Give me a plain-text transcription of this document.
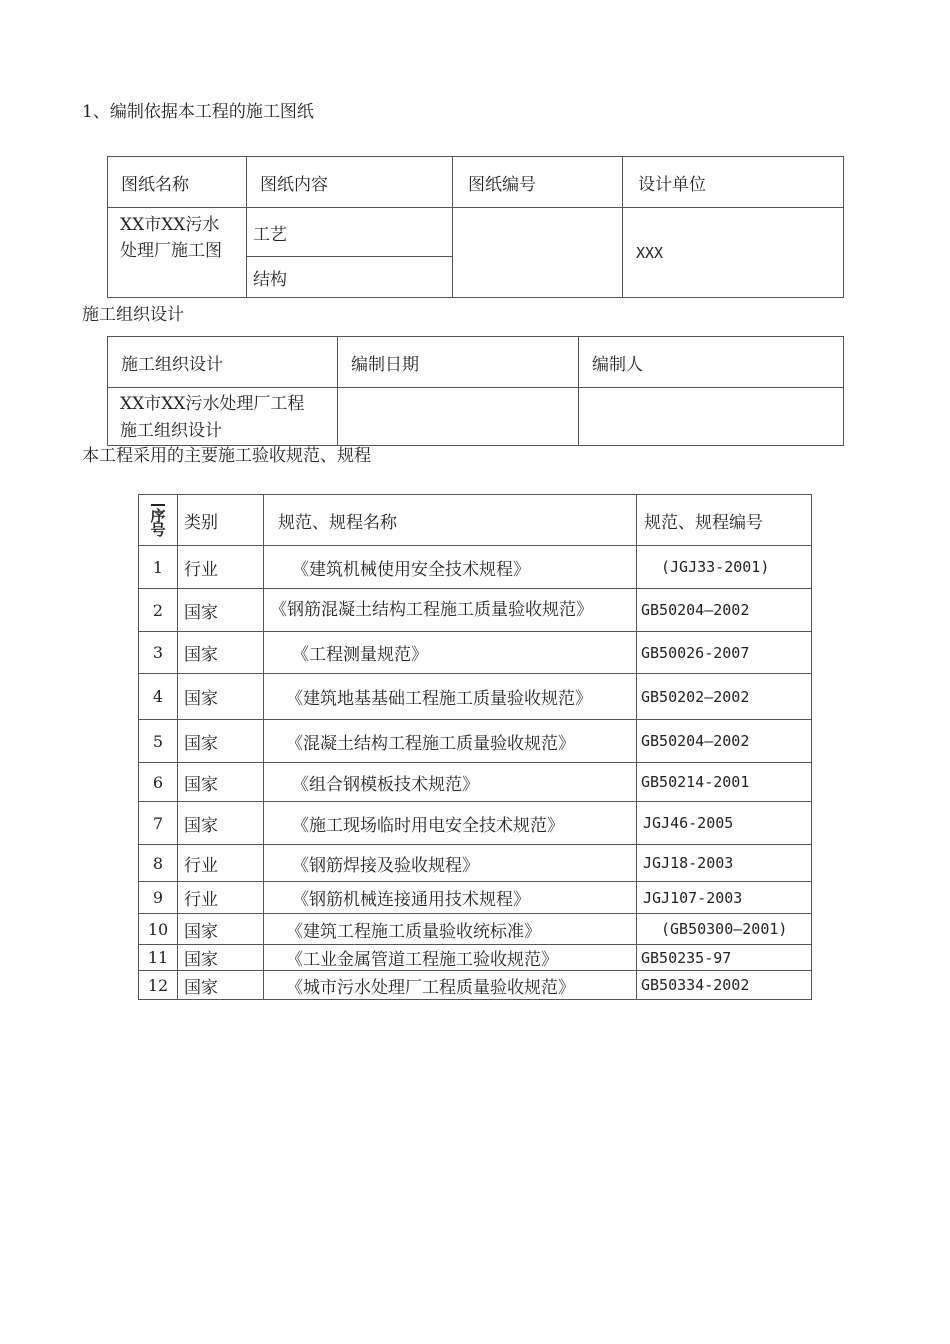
1、编制依据本工程的施工图纸
图纸名称	图纸内容	图纸编号	设计单位

XX市XX污水
处理厂施工图	工艺		XXX
	结构		
施工组织设计
施工组织设计	编制日期	编制人

XX市XX污水处理厂工程
施工组织设计		

本工程采用的主要施工验收规范、规程
序号	类别	规范、规程名称	规范、规程编号
1	行业	《建筑机械使用安全技术规程》	(JGJ33-2001)
2	国家	《钢筋混凝土结构工程施工质量验收规范》	GB50204—2002
3	国家	《工程测量规范》	GB50026-2007
4	国家	《建筑地基基础工程施工质量验收规范》	GB50202—2002
5	国家	《混凝土结构工程施工质量验收规范》	GB50204—2002
6	国家	《组合钢模板技术规范》	GB50214-2001
7	国家	《施工现场临时用电安全技术规范》	JGJ46-2005
8	行业	《钢筋焊接及验收规程》	JGJ18-2003
9	行业	《钢筋机械连接通用技术规程》	JGJ107-2003
10	国家	《建筑工程施工质量验收统标准》	(GB50300—2001)
11	国家	《工业金属管道工程施工验收规范》	GB50235-97
12	国家	《城市污水处理厂工程质量验收规范》	GB50334-2002
